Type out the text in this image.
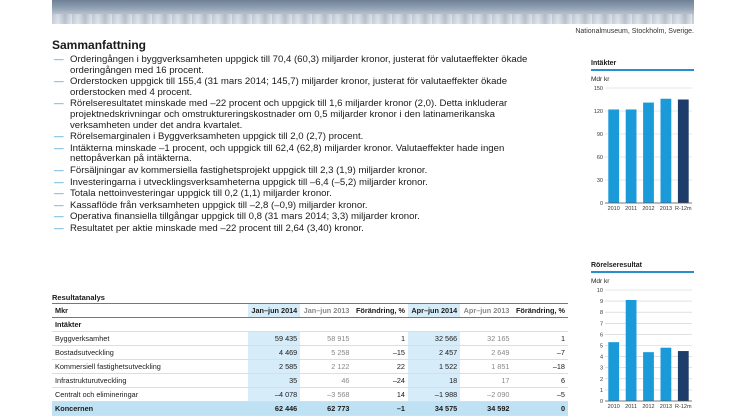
Nationalmuseum, Stockholm, Sverige.
Sammanfattning
— Orderingången i byggverksamheten uppgick till 70,4 (60,3) miljarder kronor, justerat för valutaeffekter ökade orderingången med 16 procent.
— Orderstocken uppgick till 155,4 (31 mars 2014; 145,7) miljarder kronor, justerat för valutaeffekter ökade orderstocken med 4 procent.
— Rörelseresultatet minskade med –22 procent och uppgick till 1,6 miljarder kronor (2,0). Detta inkluderar projektnedskrivningar och omstruktureringskostnader om 0,5 miljarder kronor i den latinamerikanska verksamheten under det andra kvartalet.
— Rörelsemarginalen i Byggverksamheten uppgick till 2,0 (2,7) procent.
— Intäkterna minskade –1 procent, och uppgick till 62,4 (62,8) miljarder kronor. Valutaeffekter hade ingen nettopåverkan på intäkterna.
— Försäljningar av kommersiella fastighetsprojekt uppgick till 2,3 (1,9) miljarder kronor.
— Investeringarna i utvecklingsverksamheterna uppgick till –6,4 (–5,2) miljarder kronor.
— Totala nettoinvesteringar uppgick till 0,2 (1,1) miljarder kronor.
— Kassaflöde från verksamheten uppgick till –2,8 (–0,9) miljarder kronor.
— Operativa finansiella tillgångar uppgick till 0,8 (31 mars 2014; 3,3) miljarder kronor.
— Resultatet per aktie minskade med –22 procent till 2,64 (3,40) kronor.
Resultatanalys
Mkr	Jan–jun 2014	Jan–jun 2013	Förändring, %	Apr–jun 2014	Apr–jun 2013	Förändring, %
Intäkter						
Byggverksamhet	59 435	58 915	1	32 566	32 165	1
Bostadsutveckling	4 469	5 258	–15	2 457	2 649	–7
Kommersiell fastighetsutveckling	2 585	2 122	22	1 522	1 851	–18
Infrastrukturutveckling	35	46	–24	18	17	6
Centralt och elimineringar	–4 078	–3 568	14	–1 988	–2 090	–5
Koncernen	62 446	62 773	–1	34 575	34 592	0
Intäkter
Mdr kr
0
30
60
90
120
150
2010 2011 2012 2013 R-12m
Rörelseresultat
Mdr kr
0
1
2
3
4
5
6
7
8
9
10
2010 2011 2012 2013 R-12m
